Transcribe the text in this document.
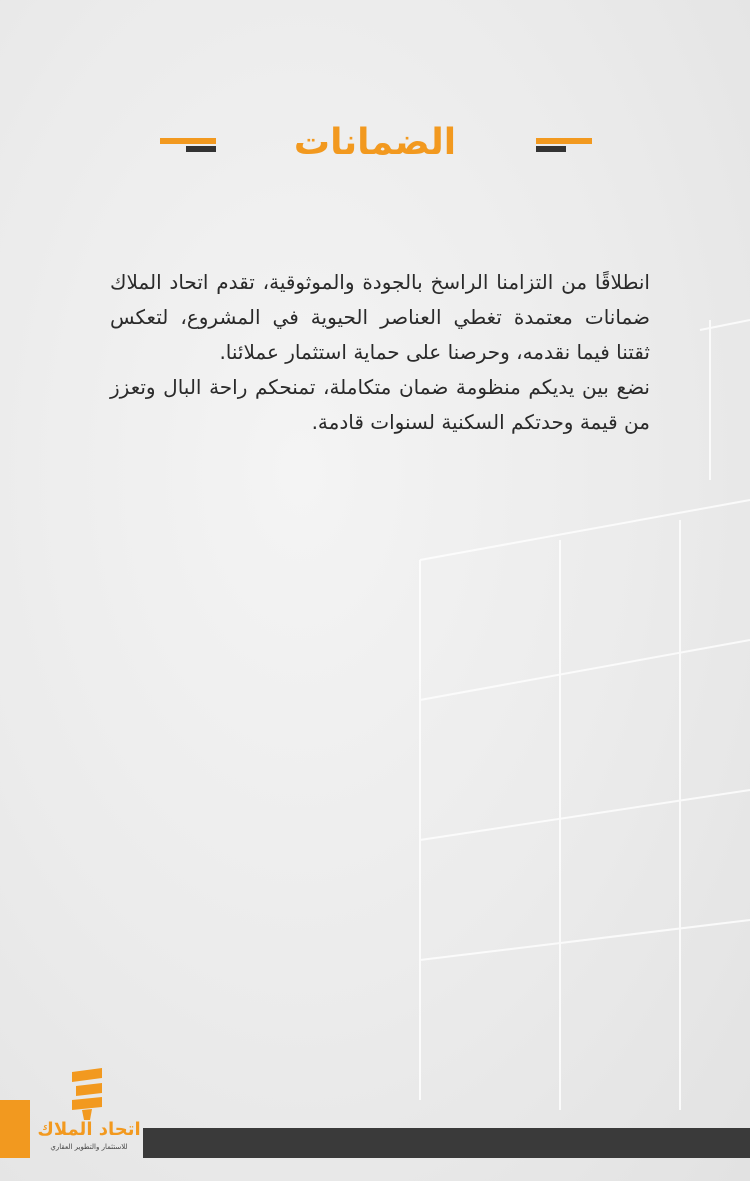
الضمانات

انطلاقًا من التزامنا الراسخ بالجودة والموثوقية، تقدم اتحاد الملاك ضمانات معتمدة تغطي العناصر الحيوية في المشروع، لتعكس ثقتنا فيما نقدمه، وحرصنا على حماية استثمار عملائنا.

نضع بين يديكم منظومة ضمان متكاملة، تمنحكم راحة البال وتعزز من قيمة وحدتكم السكنية لسنوات قادمة.

اتحاد الملاك
للاستثمار والتطوير العقاري
